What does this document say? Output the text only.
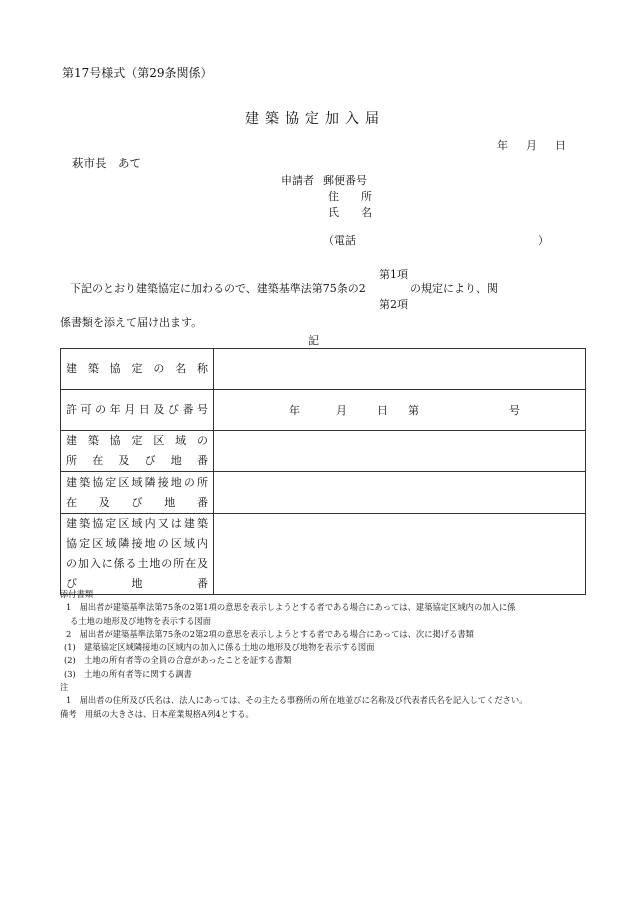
第17号様式（第29条関係）
建築協定加入届
年 月 日
萩市長　あて
申請者 郵便番号
住　　所
氏　　名
（電話	）
第1項
下記のとおり建築協定に加わるので、建築基準法第75条の2	の規定により、関
第2項
係書類を添えて届け出ます。
記
建築協定の名称	

許可の年月日及び番号	年 月 日 第 号

建築協定区域の
所在及び地番	

建築協定区域隣接地の所
在及び地番	

建築協定区域内又は建築
協定区域隣接地の区域内
の加入に係る土地の所在及
び地番	

添付書類
1　届出者が建築基準法第75条の2第1項の意思を表示しようとする者である場合にあっては、建築協定区域内の加入に係
る土地の地形及び地物を表示する図面
2　届出者が建築基準法第75条の2第2項の意思を表示しようとする者である場合にあっては、次に掲げる書類
(1)　建築協定区域隣接地の区域内の加入に係る土地の地形及び地物を表示する図面
(2)　土地の所有者等の全員の合意があったことを証する書類
(3)　土地の所有者等に関する調書
注
1　届出者の住所及び氏名は、法人にあっては、その主たる事務所の所在地並びに名称及び代表者氏名を記入してください。
備考　用紙の大きさは、日本産業規格A列4とする。
